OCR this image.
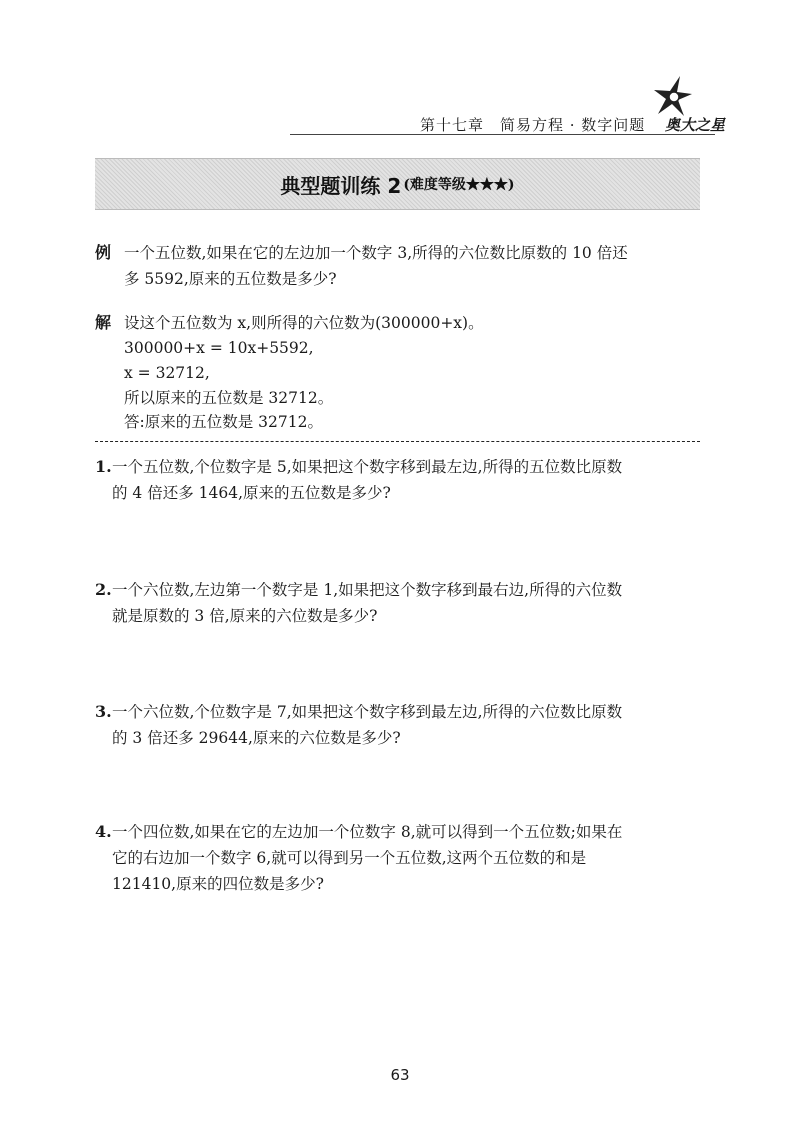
第十七章　简易方程 · 数字问题 奥大之星
典型题训练 2 (难度等级★★★)
例 一个五位数,如果在它的左边加一个数字 3,所得的六位数比原数的 10 倍还
多 5592,原来的五位数是多少?
解 设这个五位数为 x,则所得的六位数为(300000+x)。
300000+x = 10x+5592,
x = 32712,
所以原来的五位数是 32712。
答:原来的五位数是 32712。
1. 一个五位数,个位数字是 5,如果把这个数字移到最左边,所得的五位数比原数
的 4 倍还多 1464,原来的五位数是多少?
2. 一个六位数,左边第一个数字是 1,如果把这个数字移到最右边,所得的六位数
就是原数的 3 倍,原来的六位数是多少?
3. 一个六位数,个位数字是 7,如果把这个数字移到最左边,所得的六位数比原数
的 3 倍还多 29644,原来的六位数是多少?
4. 一个四位数,如果在它的左边加一个位数字 8,就可以得到一个五位数;如果在
它的右边加一个数字 6,就可以得到另一个五位数,这两个五位数的和是
121410,原来的四位数是多少?
63
